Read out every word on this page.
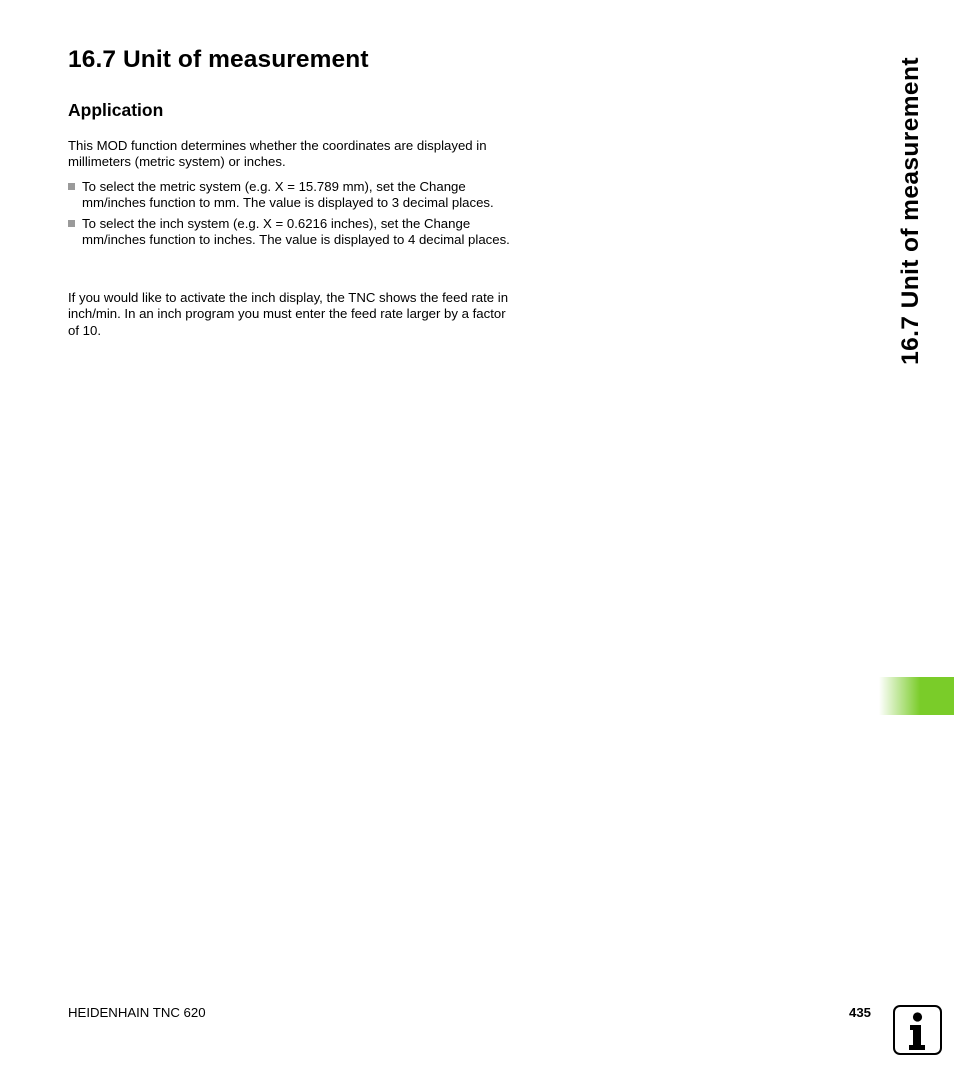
16.7 Unit of measurement
Application

This MOD function determines whether the coordinates are displayed in millimeters (metric system) or inches.

To select the metric system (e.g. X = 15.789 mm), set the Change mm/inches function to mm. The value is displayed to 3 decimal places.
To select the inch system (e.g. X = 0.6216 inches), set the Change mm/inches function to inches. The value is displayed to 4 decimal places.

If you would like to activate the inch display, the TNC shows the feed rate in inch/min. In an inch program you must enter the feed rate larger by a factor of 10.	16.7 Unit of measurement

HEIDENHAIN TNC 620	435
